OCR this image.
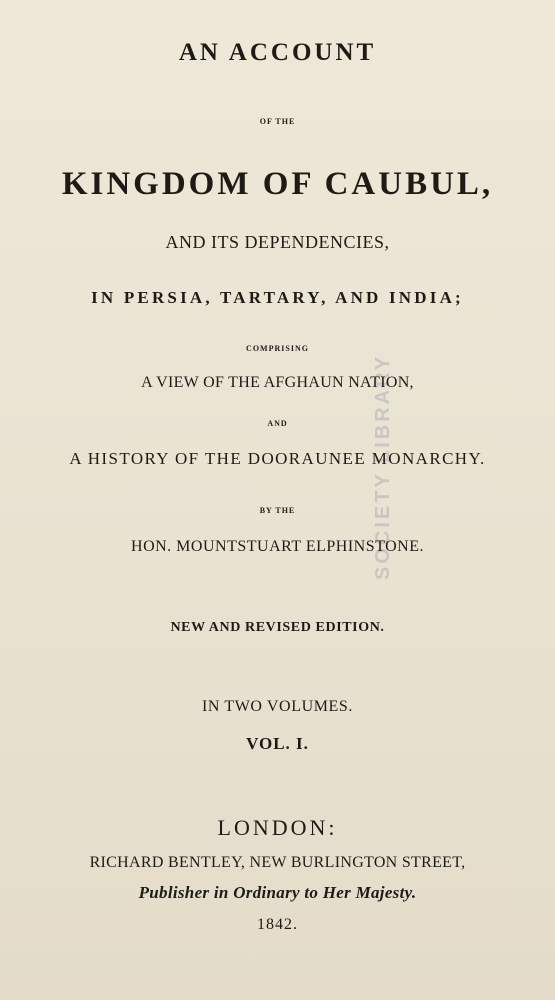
SOCIETY LIBRARY
AN ACCOUNT
OF THE
KINGDOM OF CAUBUL,
AND ITS DEPENDENCIES,
IN PERSIA, TARTARY, AND INDIA;
COMPRISING
A VIEW OF THE AFGHAUN NATION,
AND
A HISTORY OF THE DOORAUNEE MONARCHY.
BY THE
HON. MOUNTSTUART ELPHINSTONE.
NEW AND REVISED EDITION.
IN TWO VOLUMES.
VOL. I.
LONDON:
RICHARD BENTLEY, NEW BURLINGTON STREET,
Publisher in Ordinary to Her Majesty.
1842.
